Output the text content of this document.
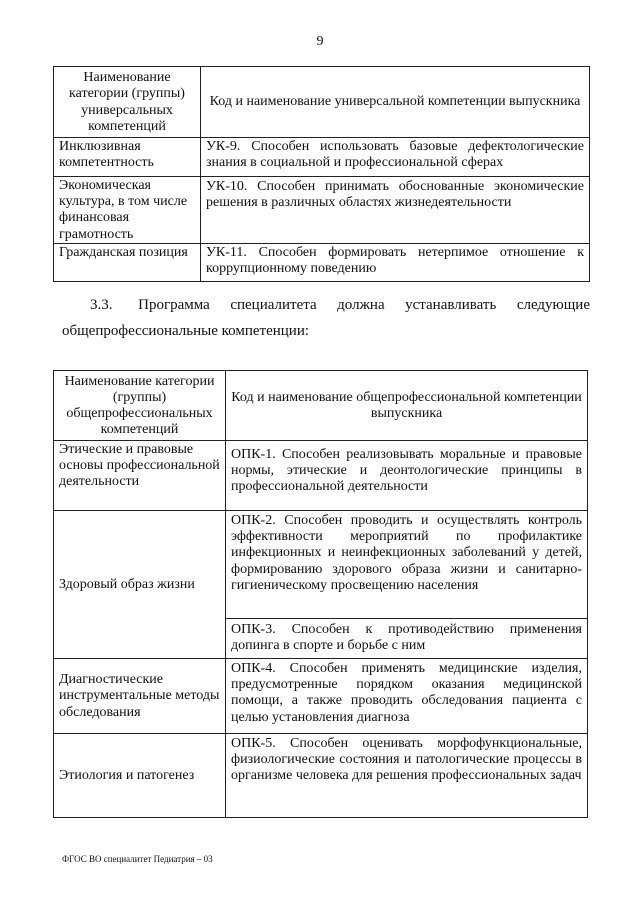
9
Наименование категории (группы) универсальных компетенций	Код и наименование универсальной компетенции выпускника
Инклюзивная компетентность	УК-9. Способен использовать базовые дефектологические знания в социальной и профессиональной сферах
Экономическая культура, в том числе финансовая грамотность	УК-10. Способен принимать обоснованные экономические решения в различных областях жизнедеятельности
Гражданская позиция	УК-11. Способен формировать нетерпимое отношение к коррупционному поведению
3.3.     Программа    специалитета    должна    устанавливать    следующие
общепрофессиональные компетенции:
Наименование категории (группы) общепрофессиональных компетенций	Код и наименование общепрофессиональной компетенции выпускника
Этические и правовые основы профессиональной деятельности	ОПК-1. Способен реализовывать моральные и правовые нормы, этические и деонтологические принципы в профессиональной деятельности
Здоровый образ жизни	ОПК-2. Способен проводить и осуществлять контроль эффективности мероприятий по профилактике инфекционных и неинфекционных заболеваний у детей, формированию здорового образа жизни и санитарно-гигиеническому просвещению населения
	ОПК-3. Способен к противодействию применения допинга в спорте и борьбе с ним
Диагностические инструментальные методы обследования	ОПК-4. Способен применять медицинские изделия, предусмотренные порядком оказания медицинской помощи, а также проводить обследования пациента с целью установления диагноза
Этиология и патогенез	ОПК-5. Способен оценивать морфофункциональные, физиологические состояния и патологические процессы в организме человека для решения профессиональных задач
ФГОС ВО специалитет Педиатрия – 03
